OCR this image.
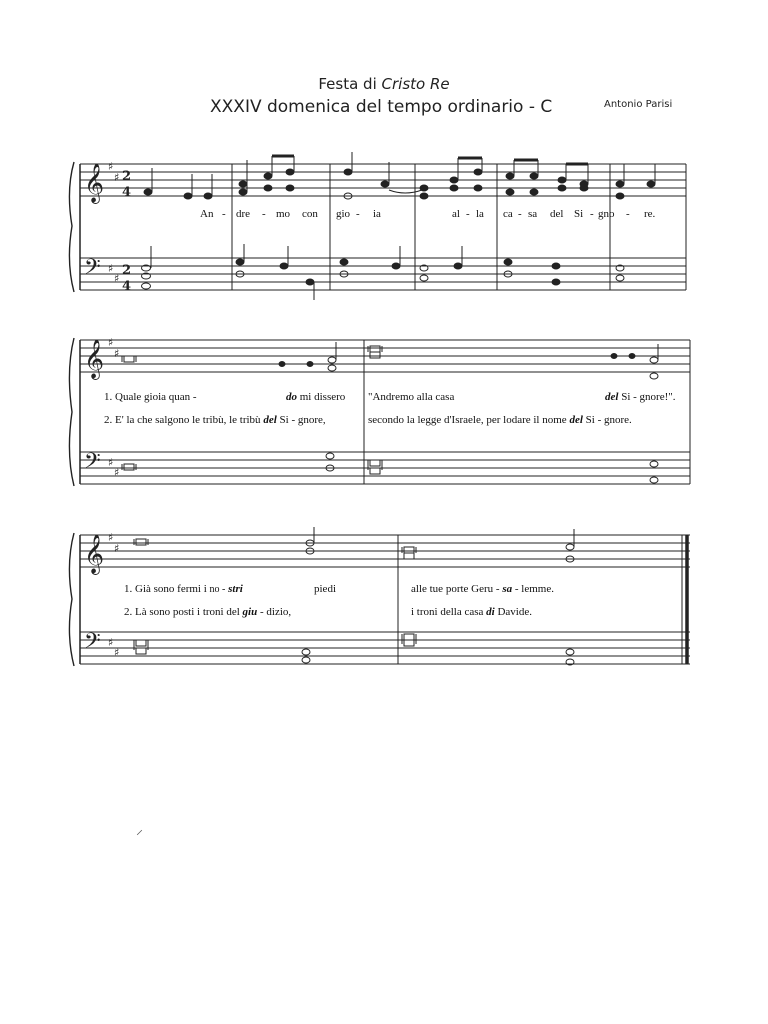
Festa di Cristo Re
XXXIV domenica del tempo ordinario - C	Antonio Parisi
𝄞
𝄢
♯
♯
♯
♯
2
4
2
4
An - dre - mo con gio - ia	al - la ca - sa del Si - gno - re.
𝄞
𝄢
♯
♯
♯
♯
1. Quale gioia quan -	do mi dissero "Andremo alla casa	del Si - gnore!".
2. E' la che salgono le tribù, le tribù del Si - gnore,	secondo la legge d'Israele, per lodare il nome del Si - gnore.
𝄞
𝄢
♯
♯
♯
♯
1. Già sono fermi i no - stri	piedi	alle tue porte Geru - sa - lemme.
2. Là sono posti i troni del giu - dizio,	i troni della casa di Davide.
⸝
